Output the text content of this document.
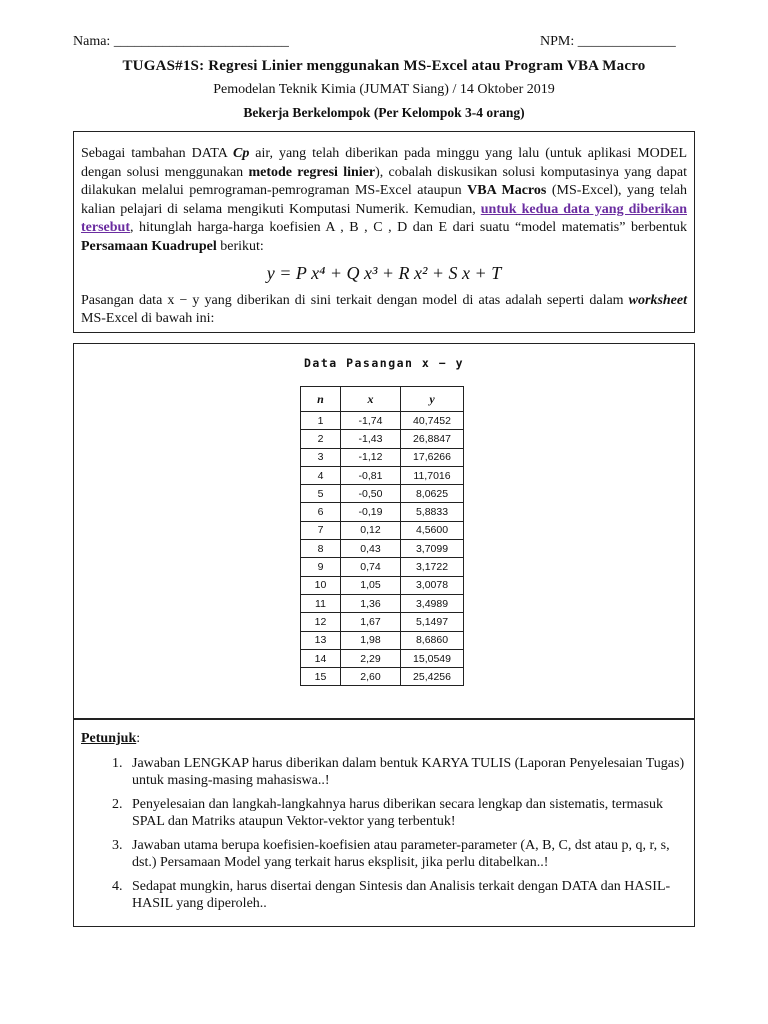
Nama: _________________________	NPM: ______________
TUGAS#1S: Regresi Linier menggunakan MS-Excel atau Program VBA Macro
Pemodelan Teknik Kimia (JUMAT Siang) / 14 Oktober 2019
Bekerja Berkelompok (Per Kelompok 3-4 orang)

Sebagai tambahan DATA Cp air, yang telah diberikan pada minggu yang lalu (untuk aplikasi MODEL dengan solusi menggunakan metode regresi linier), cobalah diskusikan solusi komputasinya yang dapat dilakukan melalui pemrograman-pemrograman MS-Excel ataupun VBA Macros (MS-Excel), yang telah kalian pelajari di selama mengikuti Komputasi Numerik. Kemudian, untuk kedua data yang diberikan tersebut, hitunglah harga-harga koefisien A , B , C , D dan E dari suatu “model matematis” berbentuk Persamaan Kuadrupel berikut:

y = P x⁴ + Q x³ + R x² + S x + T

Pasangan data x − y yang diberikan di sini terkait dengan model di atas adalah seperti dalam worksheet MS-Excel di bawah ini:

Data Pasangan x − y
n	x	y
1	-1,74	40,7452
2	-1,43	26,8847
3	-1,12	17,6266
4	-0,81	11,7016
5	-0,50	8,0625
6	-0,19	5,8833
7	0,12	4,5600
8	0,43	3,7099
9	0,74	3,1722
10	1,05	3,0078
11	1,36	3,4989
12	1,67	5,1497
13	1,98	8,6860
14	2,29	15,0549
15	2,60	25,4256
Petunjuk:
1. Jawaban LENGKAP harus diberikan dalam bentuk KARYA TULIS (Laporan Penyelesaian Tugas) untuk masing-masing mahasiswa..!
2. Penyelesaian dan langkah-langkahnya harus diberikan secara lengkap dan sistematis, termasuk SPAL dan Matriks ataupun Vektor-vektor yang terbentuk!
3. Jawaban utama berupa koefisien-koefisien atau parameter-parameter (A, B, C, dst atau p, q, r, s, dst.) Persamaan Model yang terkait harus eksplisit, jika perlu ditabelkan..!
4. Sedapat mungkin, harus disertai dengan Sintesis dan Analisis terkait dengan DATA dan HASIL-HASIL yang diperoleh..
